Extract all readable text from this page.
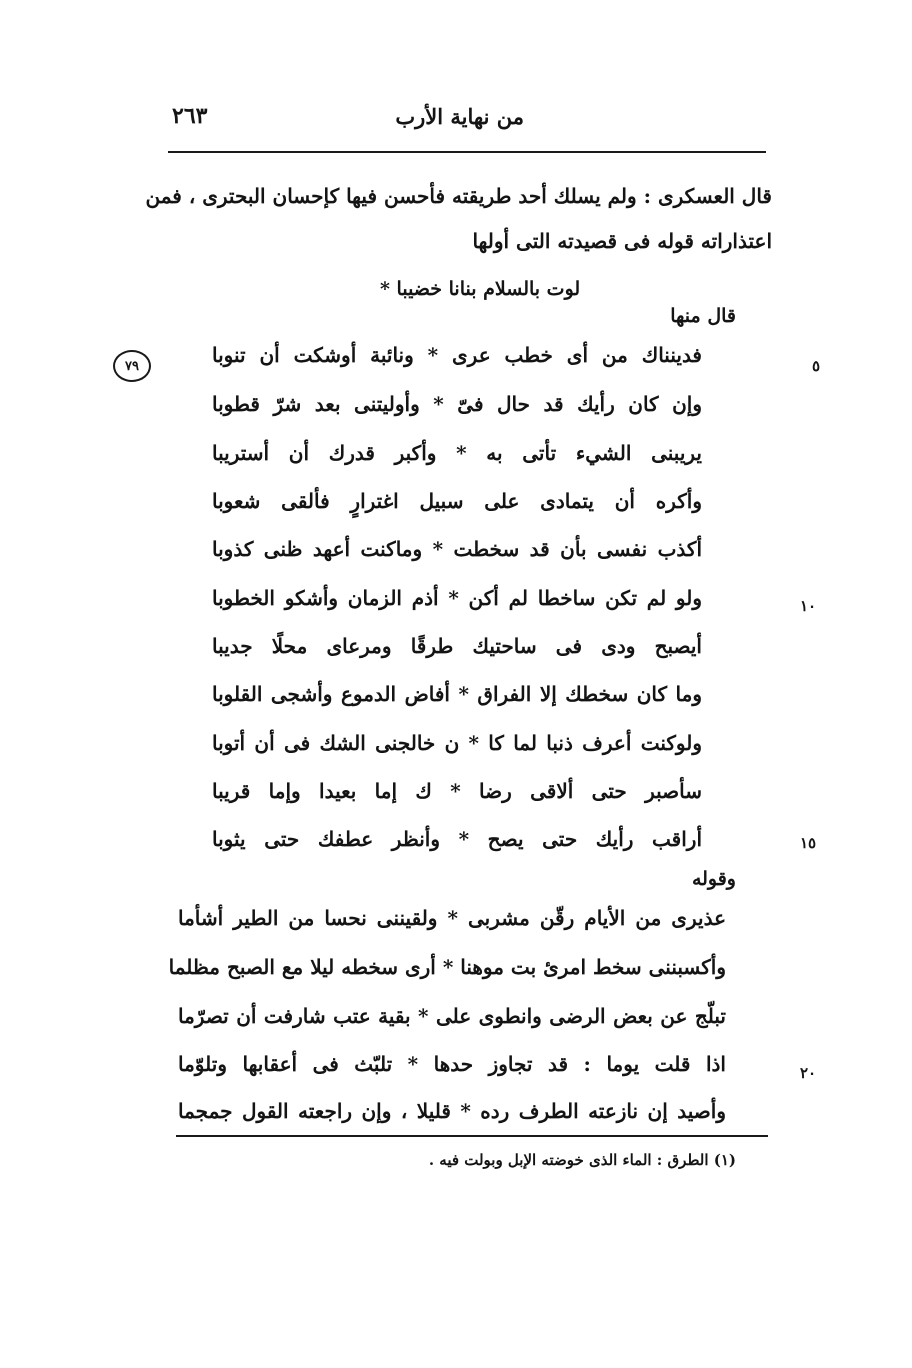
٢٦٣	من نهاية الأرب
قال العسكرى : ولم يسلك أحد طريقته فأحسن فيها كإحسان البحترى ، فمن
اعتذاراته قوله فى قصيدته التى أولها
لوت بالسلام بنانا خضيبا *
قال منها
٧٩	فدينناك من أى خطب عرى * ونائبة أوشكت أن تنوبا
وإن كان رأيك قد حال فىّ * وأوليتنى بعد شرّ قطوبا
يريبنى الشيء تأتى به * وأكبر قدرك أن أستريبا
وأكره أن يتمادى على سبيل اغترارٍ فألقى شعوبا
أكذب نفسى بأن قد سخطت * وماكنت أعهد ظنى كذوبا
ولو لم تكن ساخطا لم أكن * أذم الزمان وأشكو الخطوبا
أيصبح ودى فى ساحتيك طرقًا ومرعاى محلًا جديبا
وما كان سخطك إلا الفراق * أفاض الدموع وأشجى القلوبا
ولوكنت أعرف ذنبا لما كا * ن خالجنى الشك فى أن أتوبا
سأصبر حتى ألاقى رضا * ك إما بعيدا وإما قريبا
أراقب رأيك حتى يصح * وأنظر عطفك حتى يثوبا
وقوله
عذيرى من الأيام رقّن مشربى * ولقيننى نحسا من الطير أشأما
وأكسبننى سخط امرئ بت موهنا * أرى سخطه ليلا مع الصبح مظلما
تبلّج عن بعض الرضى وانطوى على * بقية عتب شارفت أن تصرّما
اذا قلت يوما : قد تجاوز حدها * تلبّث فى أعقابها وتلوّما
وأصيد إن نازعته الطرف رده * قليلا ، وإن راجعته القول جمجما
٥
١٠
١٥
٢٠
(١) الطرق : الماء الذى خوضته الإبل وبولت فيه .
